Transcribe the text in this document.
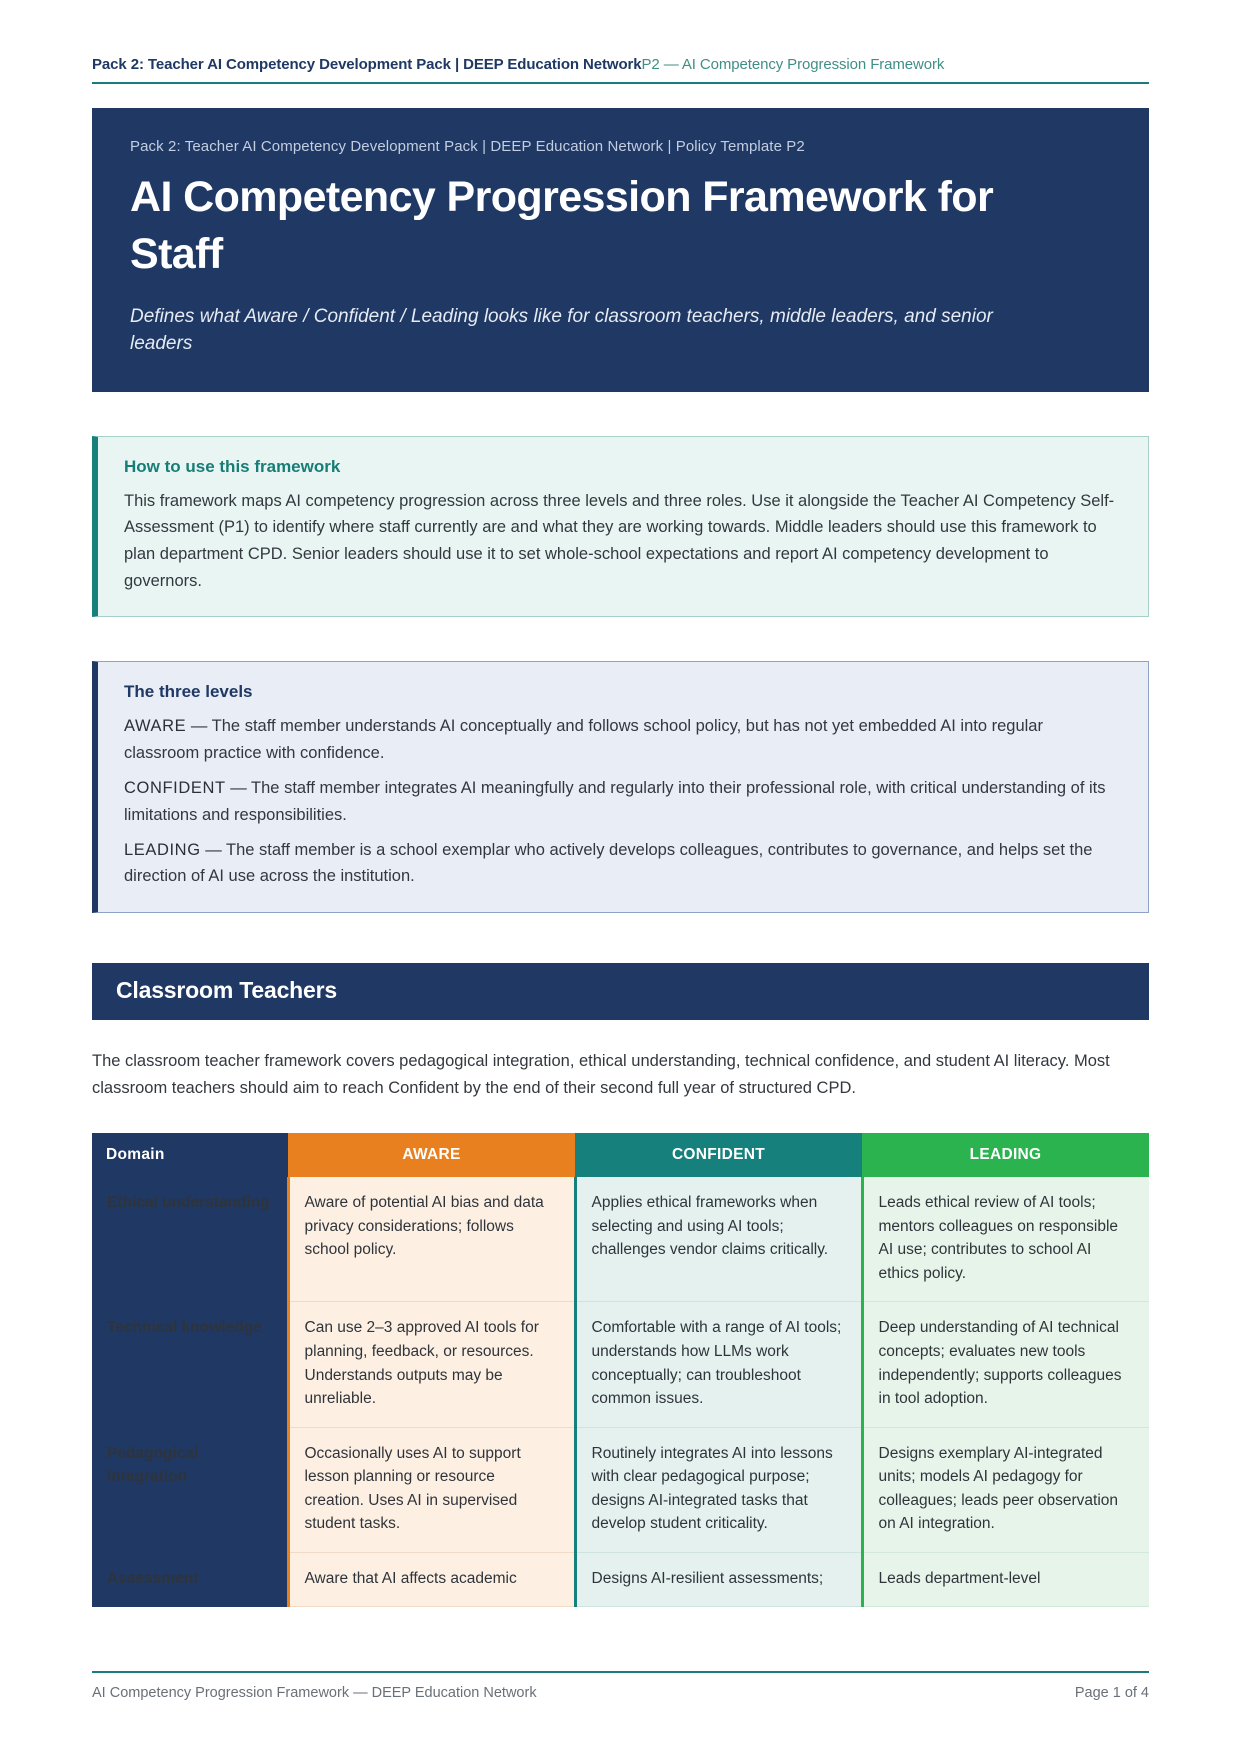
Pack 2: Teacher AI Competency Development Pack | DEEP Education Network P2 — AI Competency Progression Framework
Pack 2: Teacher AI Competency Development Pack | DEEP Education Network | Policy Template P2
AI Competency Progression Framework for Staff
Defines what Aware / Confident / Leading looks like for classroom teachers, middle leaders, and senior leaders
How to use this framework
This framework maps AI competency progression across three levels and three roles. Use it alongside the Teacher AI Competency Self-Assessment (P1) to identify where staff currently are and what they are working towards. Middle leaders should use this framework to plan department CPD. Senior leaders should use it to set whole-school expectations and report AI competency development to governors.
The three levels
AWARE — The staff member understands AI conceptually and follows school policy, but has not yet embedded AI into regular classroom practice with confidence.
CONFIDENT — The staff member integrates AI meaningfully and regularly into their professional role, with critical understanding of its limitations and responsibilities.
LEADING — The staff member is a school exemplar who actively develops colleagues, contributes to governance, and helps set the direction of AI use across the institution.
Classroom Teachers
The classroom teacher framework covers pedagogical integration, ethical understanding, technical confidence, and student AI literacy. Most classroom teachers should aim to reach Confident by the end of their second full year of structured CPD.
Domain	AWARE	CONFIDENT	LEADING
Ethical understanding	Aware of potential AI bias and data privacy considerations; follows school policy.	Applies ethical frameworks when selecting and using AI tools; challenges vendor claims critically.	Leads ethical review of AI tools; mentors colleagues on responsible AI use; contributes to school AI ethics policy.
Technical knowledge	Can use 2–3 approved AI tools for planning, feedback, or resources. Understands outputs may be unreliable.	Comfortable with a range of AI tools; understands how LLMs work conceptually; can troubleshoot common issues.	Deep understanding of AI technical concepts; evaluates new tools independently; supports colleagues in tool adoption.
Pedagogical integration	Occasionally uses AI to support lesson planning or resource creation. Uses AI in supervised student tasks.	Routinely integrates AI into lessons with clear pedagogical purpose; designs AI-integrated tasks that develop student criticality.	Designs exemplary AI-integrated units; models AI pedagogy for colleagues; leads peer observation on AI integration.
Assessment	Aware that AI affects academic	Designs AI-resilient assessments;	Leads department-level
AI Competency Progression Framework — DEEP Education Network	Page 1 of 4
